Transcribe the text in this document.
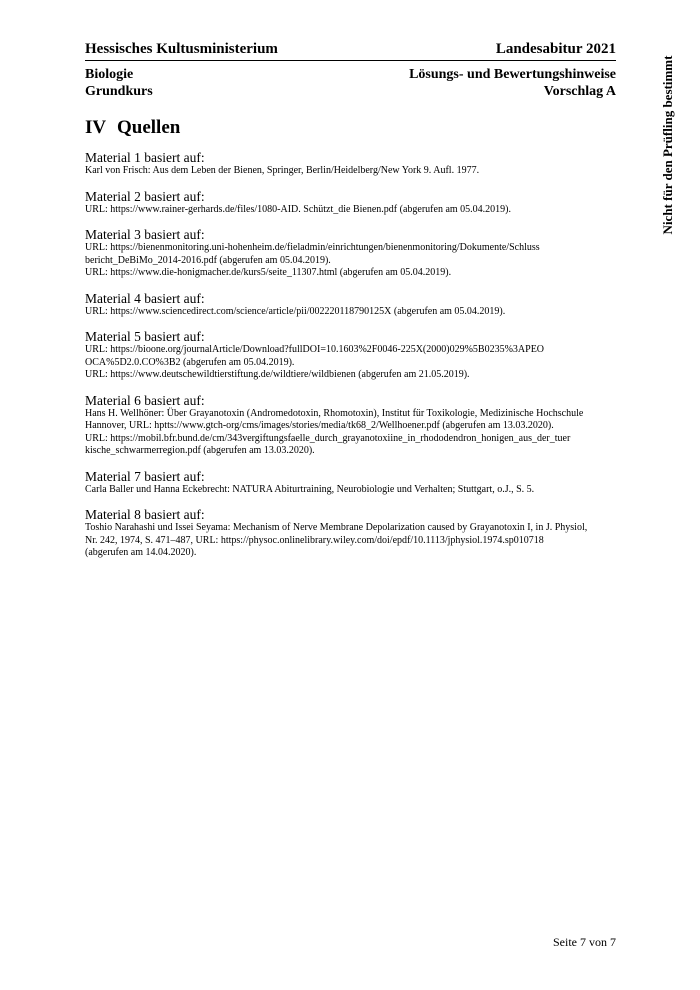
Hessisches Kultusministerium	Landesabitur 2021
Biologie
Grundkurs
Lösungs- und Bewertungshinweise
Vorschlag A
IV Quellen
Material 1 basiert auf:
Karl von Frisch: Aus dem Leben der Bienen, Springer, Berlin/Heidelberg/New York 9. Aufl. 1977.
Material 2 basiert auf:
URL: https://www.rainer-gerhards.de/files/1080-AID. Schützt_die Bienen.pdf (abgerufen am 05.04.2019).
Material 3 basiert auf:
URL: https://bienenmonitoring.uni-hohenheim.de/fieladmin/einrichtungen/bienenmonitoring/Dokumente/Schluss
bericht_DeBiMo_2014-2016.pdf (abgerufen am 05.04.2019).
URL: https://www.die-honigmacher.de/kurs5/seite_11307.html (abgerufen am 05.04.2019).
Material 4 basiert auf:
URL: https://www.sciencedirect.com/science/article/pii/002220118790125X (abgerufen am 05.04.2019).
Material 5 basiert auf:
URL: https://bioone.org/journalArticle/Download?fullDOI=10.1603%2F0046-225X(2000)029%5B0235%3APEO
OCA%5D2.0.CO%3B2 (abgerufen am 05.04.2019).
URL: https://www.deutschewildtierstiftung.de/wildtiere/wildbienen (abgerufen am 21.05.2019).
Material 6 basiert auf:
Hans H. Wellhöner: Über Grayanotoxin (Andromedotoxin, Rhomotoxin), Institut für Toxikologie, Medizinische Hochschule
Hannover, URL: hptts://www.gtch-org/cms/images/stories/media/tk68_2/Wellhoener.pdf (abgerufen am 13.03.2020).
URL: https://mobil.bfr.bund.de/cm/343vergiftungsfaelle_durch_grayanotoxiine_in_rhododendron_honigen_aus_der_tuer
kische_schwarmerregion.pdf (abgerufen am 13.03.2020).
Material 7 basiert auf:
Carla Baller und Hanna Eckebrecht: NATURA Abiturtraining, Neurobiologie und Verhalten; Stuttgart, o.J., S. 5.
Material 8 basiert auf:
Toshio Narahashi und Issei Seyama: Mechanism of Nerve Membrane Depolarization caused by Grayanotoxin I, in J. Physiol,
Nr. 242, 1974, S. 471–487, URL: https://physoc.onlinelibrary.wiley.com/doi/epdf/10.1113/jphysiol.1974.sp010718
(abgerufen am 14.04.2020).
Nicht für den Prüfling bestimmt
Seite 7 von 7
